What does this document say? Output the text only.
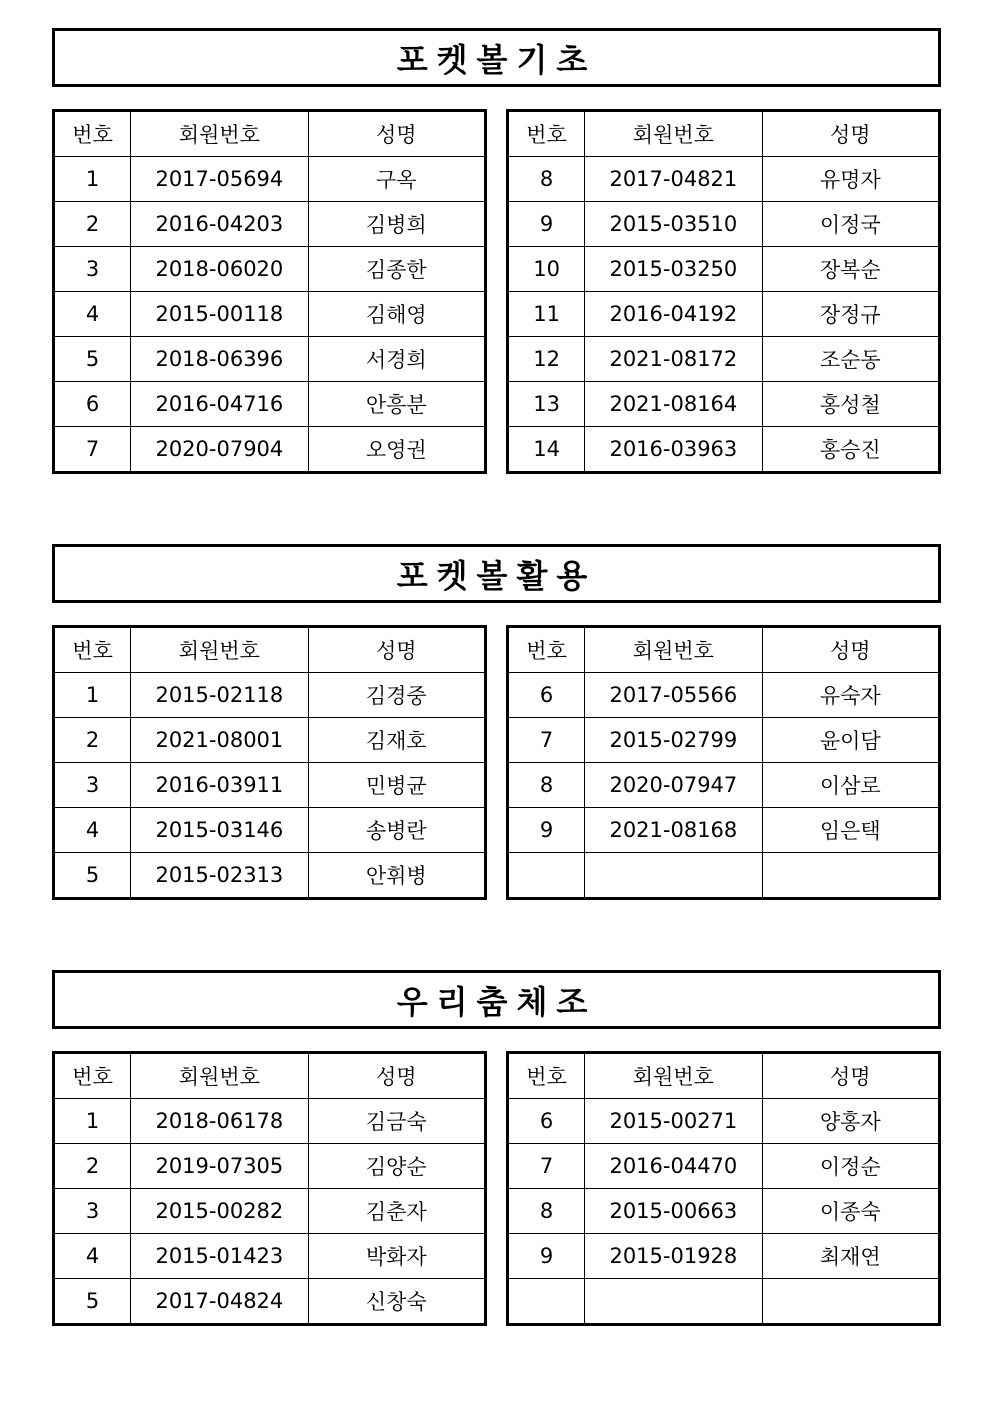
포켓볼기초
번호	회원번호	성명
1	2017-05694	구옥
2	2016-04203	김병희
3	2018-06020	김종한
4	2015-00118	김해영
5	2018-06396	서경희
6	2016-04716	안흥분
7	2020-07904	오영권
번호	회원번호	성명
8	2017-04821	유명자
9	2015-03510	이정국
10	2015-03250	장복순
11	2016-04192	장정규
12	2021-08172	조순동
13	2021-08164	홍성철
14	2016-03963	홍승진
포켓볼활용
번호	회원번호	성명
1	2015-02118	김경중
2	2021-08001	김재호
3	2016-03911	민병균
4	2015-03146	송병란
5	2015-02313	안휘병
번호	회원번호	성명
6	2017-05566	유숙자
7	2015-02799	윤이담
8	2020-07947	이삼로
9	2021-08168	임은택

우리춤체조
번호	회원번호	성명
1	2018-06178	김금숙
2	2019-07305	김양순
3	2015-00282	김춘자
4	2015-01423	박화자
5	2017-04824	신창숙
번호	회원번호	성명
6	2015-00271	양홍자
7	2016-04470	이정순
8	2015-00663	이종숙
9	2015-01928	최재연
